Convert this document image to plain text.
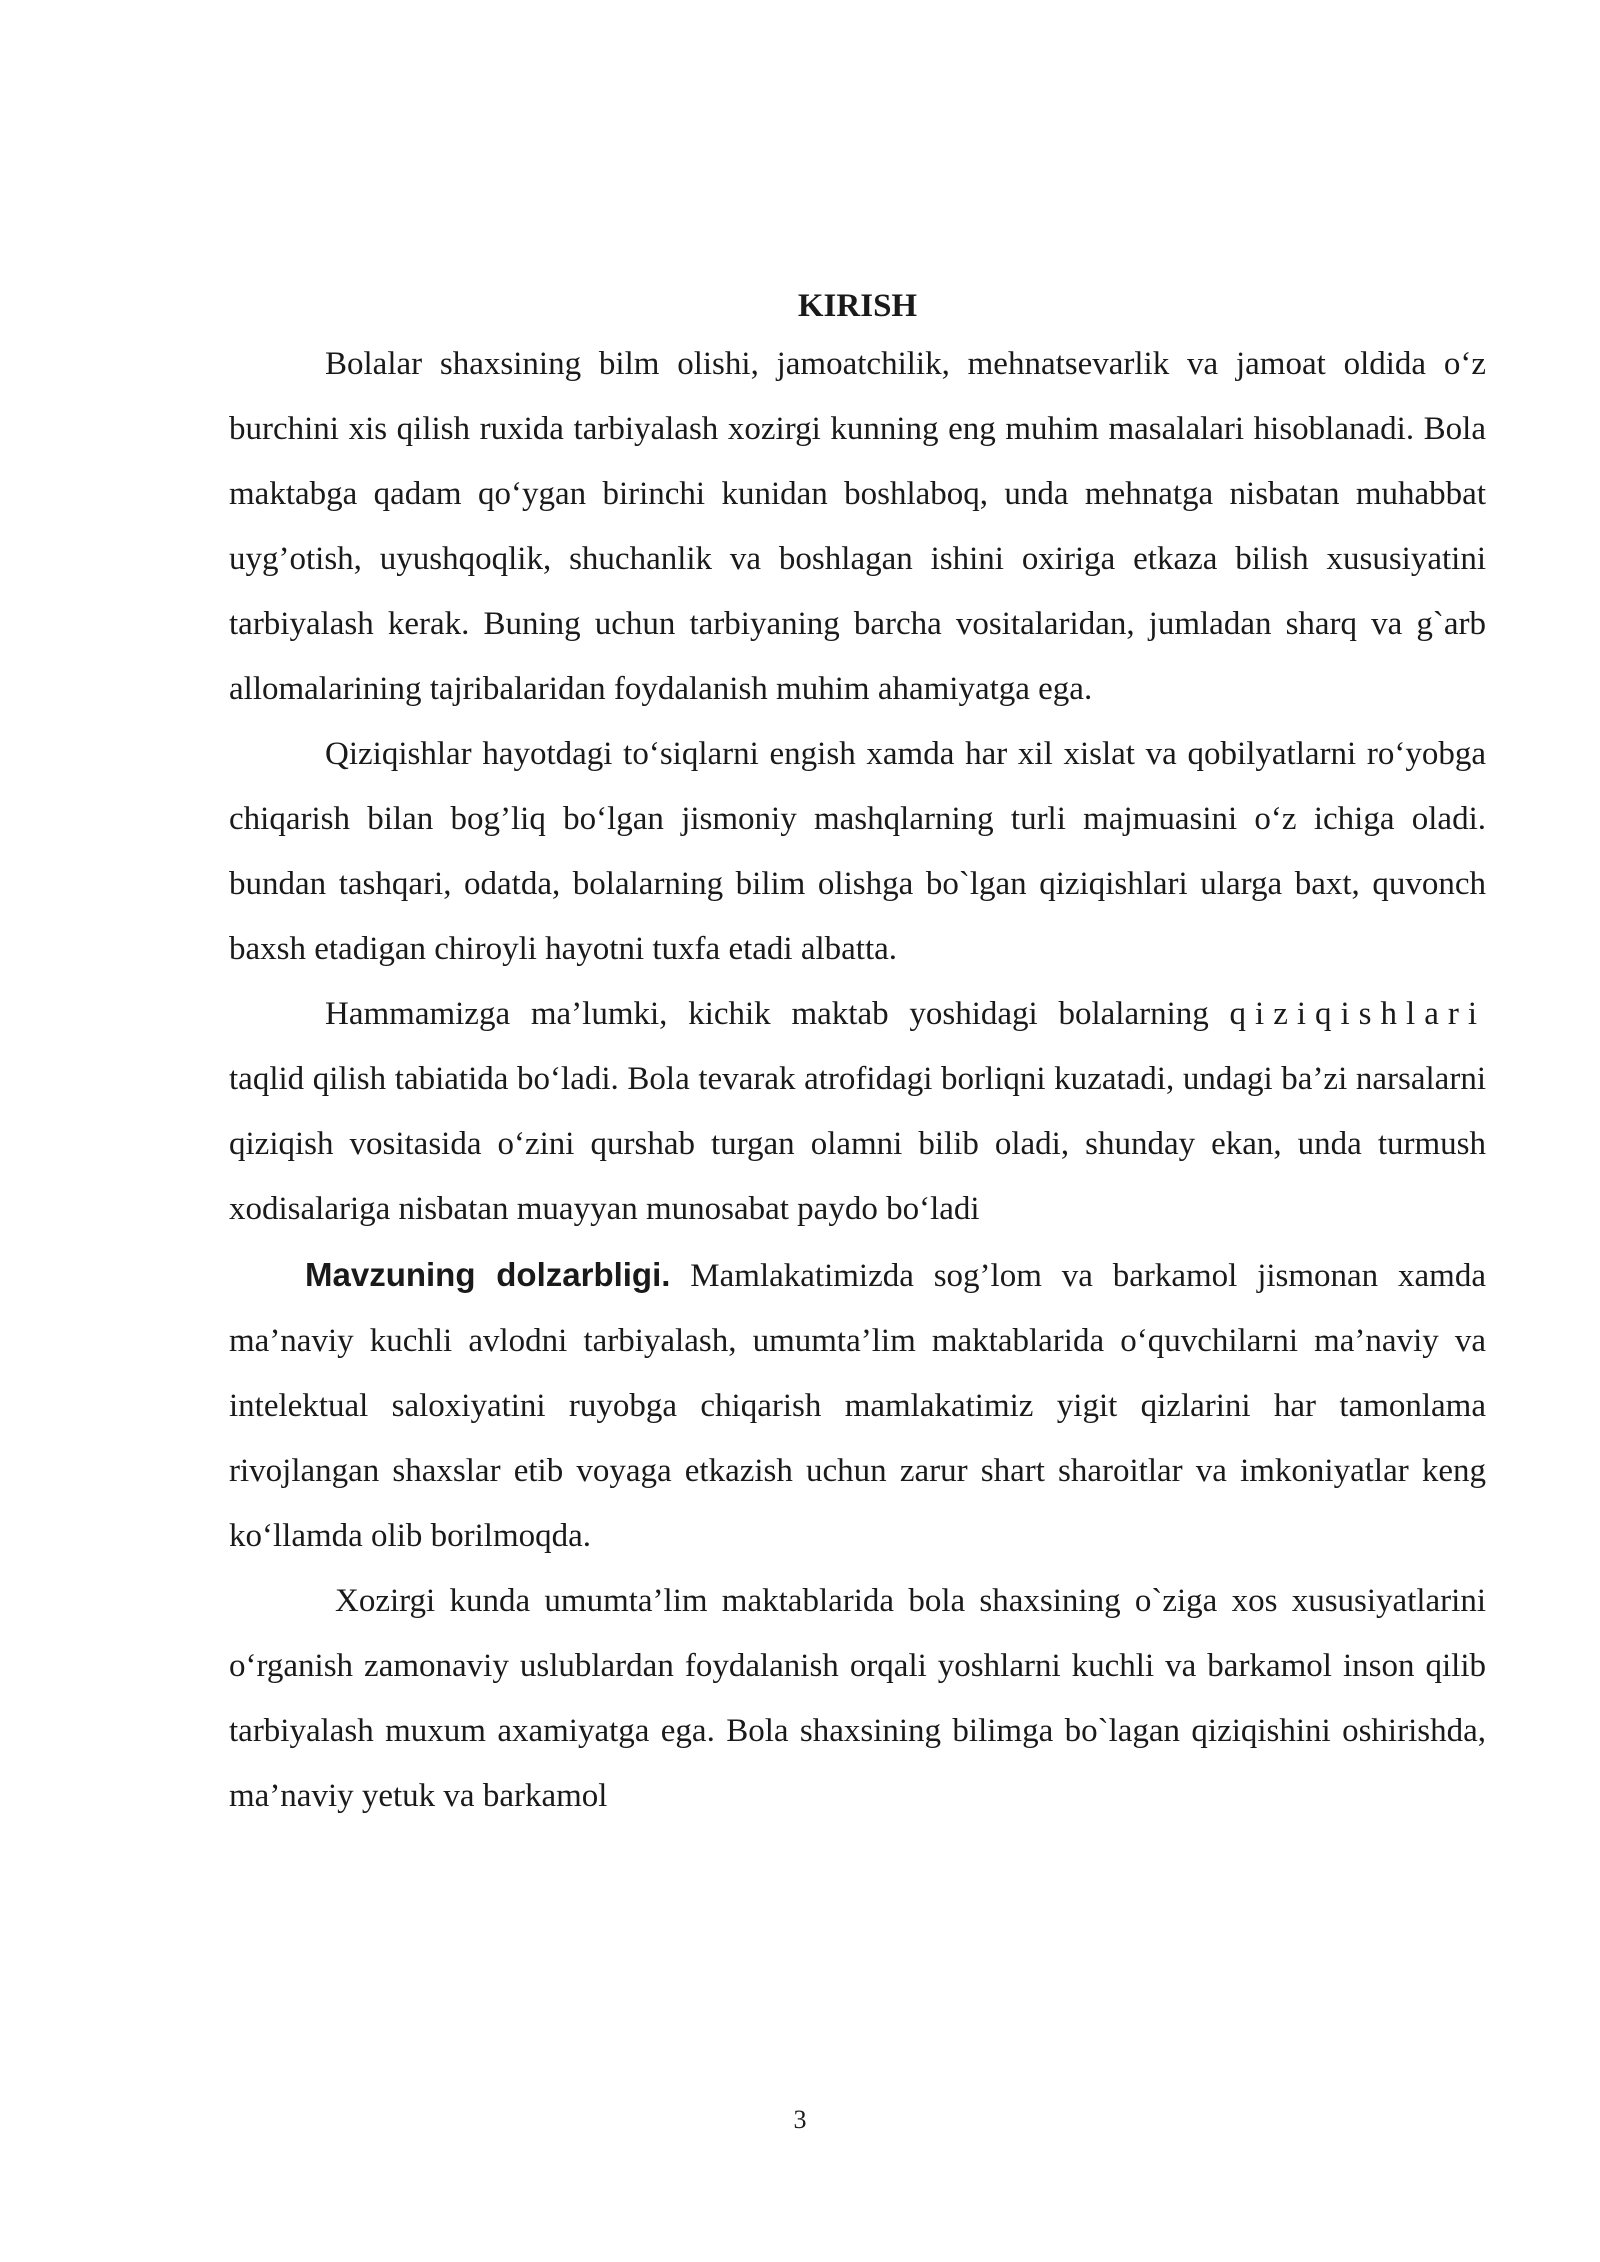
KIRISH

Bolalar shaxsining bilm olishi, jamoatchilik, mehnatsevarlik va jamoat oldida o‘z burchini xis qilish ruxida tarbiyalash xozirgi kunning eng muhim masalalari hisoblanadi. Bola maktabga qadam qo‘ygan birinchi kunidan boshlaboq, unda mehnatga nisbatan muhabbat uyg’otish, uyushqoqlik, shuchanlik va boshlagan ishini oxiriga etkaza bilish xususiyatini tarbiyalash kerak. Buning uchun tarbiyaning barcha vositalaridan, jumladan sharq va g`arb allomalarining tajribalaridan foydalanish muhim ahamiyatga ega.

Qiziqishlar hayotdagi to‘siqlarni engish xamda har xil xislat va qobilyatlarni ro‘yobga chiqarish bilan bog’liq bo‘lgan jismoniy mashqlarning turli majmuasini o‘z ichiga oladi. bundan tashqari, odatda, bolalarning bilim olishga bo`lgan qiziqishlari ularga baxt, quvonch baxsh etadigan chiroyli hayotni tuxfa etadi albatta.

Hammamizga ma’lumki, kichik maktab yoshidagi bolalarning qiziqishlari taqlid qilish tabiatida bo‘ladi. Bola tevarak atrofidagi borliqni kuzatadi, undagi ba’zi narsalarni qiziqish vositasida o‘zini qurshab turgan olamni bilib oladi, shunday ekan, unda turmush xodisalariga nisbatan muayyan munosabat paydo bo‘ladi

Mavzuning dolzarbligi. Mamlakatimizda sog’lom va barkamol jismonan xamda ma’naviy kuchli avlodni tarbiyalash, umumta’lim maktablarida o‘quvchilarni ma’naviy va intelektual saloxiyatini ruyobga chiqarish mamlakatimiz yigit qizlarini har tamonlama rivojlangan shaxslar etib voyaga etkazish uchun zarur shart sharoitlar va imkoniyatlar keng ko‘llamda olib borilmoqda.

Xozirgi kunda umumta’lim maktablarida bola shaxsining o`ziga xos xususiyatlarini o‘rganish zamonaviy uslublardan foydalanish orqali yoshlarni kuchli va barkamol inson qilib tarbiyalash muxum axamiyatga ega. Bola shaxsining bilimga bo`lagan qiziqishini oshirishda, ma’naviy yetuk va barkamol

3
